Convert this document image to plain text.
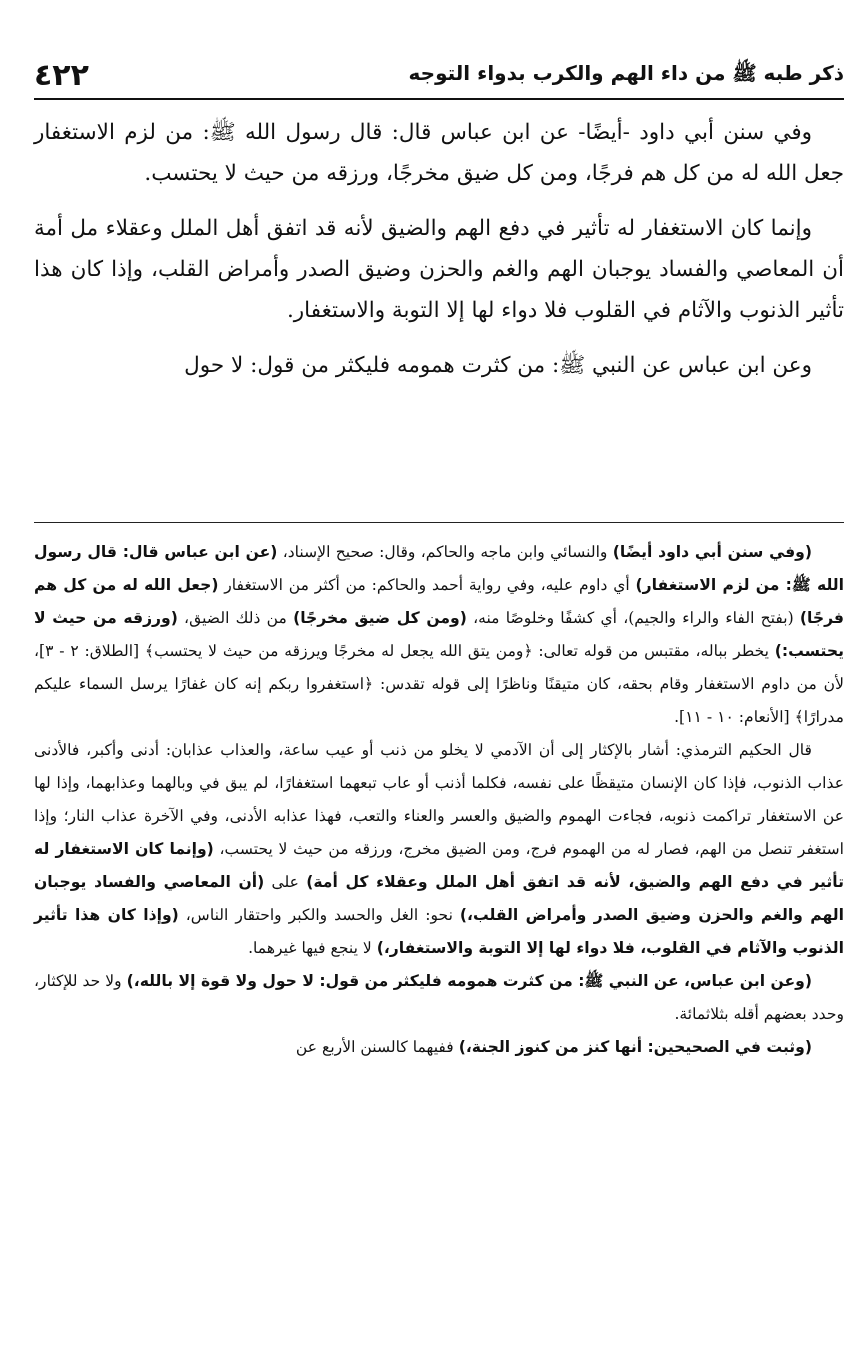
ذكر طبه ﷺ من داء الهم والكرب بدواء التوجه
٤٢٢

وفي سنن أبي داود -أيضًا- عن ابن عباس قال: قال رسول الله ﷺ: من لزم الاستغفار جعل الله له من كل هم فرجًا، ومن كل ضيق مخرجًا، ورزقه من حيث لا يحتسب.

وإنما كان الاستغفار له تأثير في دفع الهم والضيق لأنه قد اتفق أهل الملل وعقلاء مل أمة أن المعاصي والفساد يوجبان الهم والغم والحزن وضيق الصدر وأمراض القلب، وإذا كان هذا تأثير الذنوب والآثام في القلوب فلا دواء لها إلا التوبة والاستغفار.

وعن ابن عباس عن النبي ﷺ: من كثرت همومه فليكثر من قول: لا حول

(وفي سنن أبي داود أيضًا) والنسائي وابن ماجه والحاكم، وقال: صحيح الإسناد، (عن ابن عباس قال: قال رسول الله ﷺ: من لزم الاستغفار) أي داوم عليه، وفي رواية أحمد والحاكم: من أكثر من الاستغفار (جعل الله له من كل هم فرجًا) (بفتح الفاء والراء والجيم)، أي كشفًا وخلوصًا منه، (ومن كل ضيق مخرجًا) من ذلك الضيق، (ورزقه من حيث لا يحتسب:) يخطر بباله، مقتبس من قوله تعالى: ﴿ومن يتق الله يجعل له مخرجًا ويرزقه من حيث لا يحتسب﴾ [الطلاق: ٢ - ٣]، لأن من داوم الاستغفار وقام بحقه، كان متيقنًا وناظرًا إلى قوله تقدس: ﴿استغفروا ربكم إنه كان غفارًا يرسل السماء عليكم مدرارًا﴾ [الأنعام: ١٠ - ١١].

قال الحكيم الترمذي: أشار بالإكثار إلى أن الآدمي لا يخلو من ذنب أو عيب ساعة، والعذاب عذابان: أدنى وأكبر، فالأدنى عذاب الذنوب، فإذا كان الإنسان متيقظًا على نفسه، فكلما أذنب أو عاب تبعهما استغفارًا، لم يبق في وبالهما وعذابهما، وإذا لها عن الاستغفار تراكمت ذنوبه، فجاءت الهموم والضيق والعسر والعناء والتعب، فهذا عذابه الأدنى، وفي الآخرة عذاب النار؛ وإذا استغفر تنصل من الهم، فصار له من الهموم فرج، ومن الضيق مخرج، ورزقه من حيث لا يحتسب، (وإنما كان الاستغفار له تأثير في دفع الهم والضيق، لأنه قد اتفق أهل الملل وعقلاء كل أمة) على (أن المعاصي والفساد يوجبان الهم والغم والحزن وضيق الصدر وأمراض القلب،) نحو: الغل والحسد والكبر واحتقار الناس، (وإذا كان هذا تأثير الذنوب والآثام في القلوب، فلا دواء لها إلا التوبة والاستغفار،) لا ينجع فيها غيرهما.

(وعن ابن عباس، عن النبي ﷺ: من كثرت همومه فليكثر من قول: لا حول ولا قوة إلا بالله،) ولا حد للإكثار، وحدد بعضهم أقله بثلاثمائة.

(وثبت في الصحيحين: أنها كنز من كنوز الجنة،) ففيهما كالسنن الأربع عن
